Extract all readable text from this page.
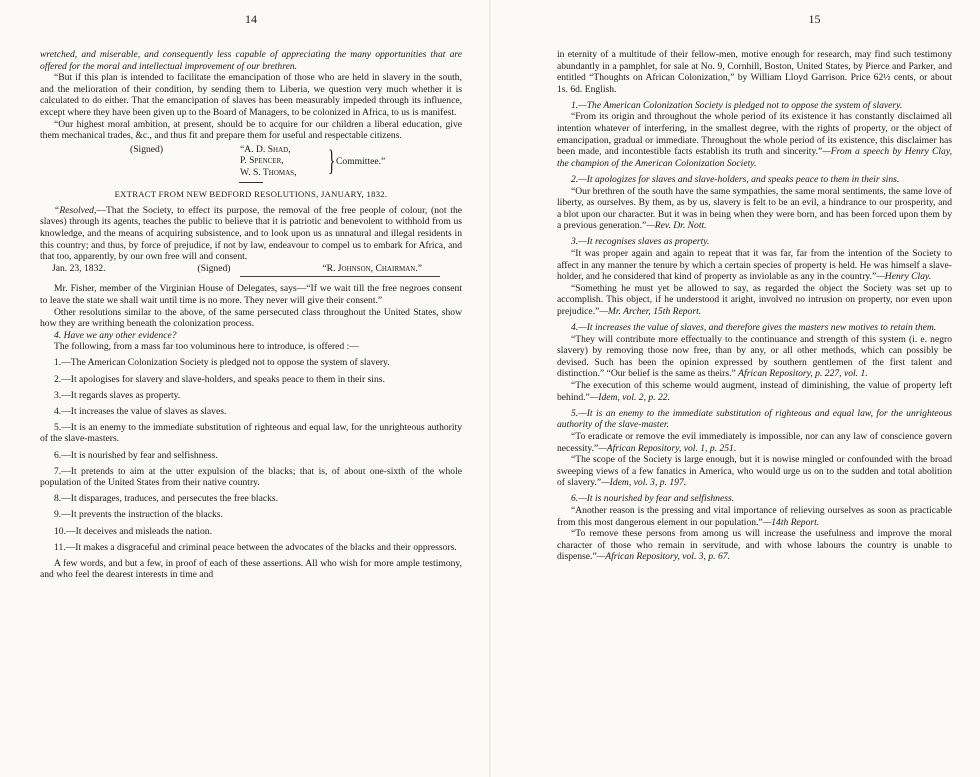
14

wretched, and miserable, and consequently less capable of appreciating the many opportunities that are offered for the moral and intellectual improvement of our brethren.

“But if this plan is intended to facilitate the emancipation of those who are held in slavery in the south, and the melioration of their condition, by sending them to Liberia, we question very much whether it is calculated to do either. That the emancipation of slaves has been measurably impeded through its influence, except where they have been given up to the Board of Managers, to be colonized in Africa, to us is manifest.

“Our highest moral ambition, at present, should be to acquire for our children a liberal education, give them mechanical trades, &c., and thus fit and prepare them for useful and respectable citizens.

(Signed)	“A. D. Shad,
P. Spencer,
W. S. Thomas, } Committee.”

EXTRACT FROM NEW BEDFORD RESOLUTIONS, JANUARY, 1832.

“Resolved,—That the Society, to effect its purpose, the removal of the free people of colour, (not the slaves) through its agents, teaches the public to believe that it is patriotic and benevolent to withhold from us knowledge, and the means of acquiring subsistence, and to look upon us as unnatural and illegal residents in this country; and thus, by force of prejudice, if not by law, endeavour to compel us to embark for Africa, and that too, apparently, by our own free will and consent.

Jan. 23, 1832.	(Signed)	“R. Johnson, Chairman.”

Mr. Fisher, member of the Virginian House of Delegates, says—“If we wait till the free negroes consent to leave the state we shall wait until time is no more. They never will give their consent.”

Other resolutions similar to the above, of the same persecuted class throughout the United States, show how they are writhing beneath the colonization process.

4. Have we any other evidence?

The following, from a mass far too voluminous here to introduce, is offered :—

1.—The American Colonization Society is pledged not to oppose the system of slavery.

2.—It apologises for slavery and slave-holders, and speaks peace to them in their sins.

3.—It regards slaves as property.

4.—It increases the value of slaves as slaves.

5.—It is an enemy to the immediate substitution of righteous and equal law, for the unrighteous authority of the slave-masters.

6.—It is nourished by fear and selfishness.

7.—It pretends to aim at the utter expulsion of the blacks; that is, of about one-sixth of the whole population of the United States from their native country.

8.—It disparages, traduces, and persecutes the free blacks.

9.—It prevents the instruction of the blacks.

10.—It deceives and misleads the nation.

11.—It makes a disgraceful and criminal peace between the advocates of the blacks and their oppressors.

A few words, and but a few, in proof of each of these assertions. All who wish for more ample testimony, and who feel the dearest interests in time and

15

in eternity of a multitude of their fellow-men, motive enough for research, may find such testimony abundantly in a pamphlet, for sale at No. 9, Cornhill, Boston, United States, by Pierce and Parker, and entitled “Thoughts on African Colonization,” by William Lloyd Garrison. Price 62½ cents, or about 1s. 6d. English.

1.—The American Colonization Society is pledged not to oppose the system of slavery.

“From its origin and throughout the whole period of its existence it has constantly disclaimed all intention whatever of interfering, in the smallest degree, with the rights of property, or the object of emancipation, gradual or immediate. Throughout the whole period of its existence, this disclaimer has been made, and incontestible facts establish its truth and sincerity.”—From a speech by Henry Clay, the champion of the American Colonization Society.

2.—It apologizes for slaves and slave-holders, and speaks peace to them in their sins.

“Our brethren of the south have the same sympathies, the same moral sentiments, the same love of liberty, as ourselves. By them, as by us, slavery is felt to be an evil, a hindrance to our prosperity, and a blot upon our character. But it was in being when they were born, and has been forced upon them by a previous generation.”—Rev. Dr. Nott.

3.—It recognises slaves as property.

“It was proper again and again to repeat that it was far, far from the intention of the Society to affect in any manner the tenure by which a certain species of property is held. He was himself a slave-holder, and he considered that kind of property as inviolable as any in the country.”—Henry Clay.

“Something he must yet be allowed to say, as regarded the object the Society was set up to accomplish. This object, if he understood it aright, involved no intrusion on property, nor even upon prejudice.”—Mr. Archer, 15th Report.

4.—It increases the value of slaves, and therefore gives the masters new motives to retain them.

“They will contribute more effectually to the continuance and strength of this system (i. e. negro slavery) by removing those now free, than by any, or all other methods, which can possibly be devised. Such has been the opinion expressed by southern gentlemen of the first talent and distinction.” “Our belief is the same as theirs.” African Repository, p. 227, vol. 1.

“The execution of this scheme would augment, instead of diminishing, the value of property left behind.”—Idem, vol. 2, p. 22.

5.—It is an enemy to the immediate substitution of righteous and equal law, for the unrighteous authority of the slave-master.

“To eradicate or remove the evil immediately is impossible, nor can any law of conscience govern necessity.”—African Repository, vol. 1, p. 251.

“The scope of the Society is large enough, but it is nowise mingled or confounded with the broad sweeping views of a few fanatics in America, who would urge us on to the sudden and total abolition of slavery.”—Idem, vol. 3, p. 197.

6.—It is nourished by fear and selfishness.

“Another reason is the pressing and vital importance of relieving ourselves as soon as practicable from this most dangerous element in our population.”—14th Report.

“To remove these persons from among us will increase the usefulness and improve the moral character of those who remain in servitude, and with whose labours the country is unable to dispense.”—African Repository, vol. 3, p. 67.
